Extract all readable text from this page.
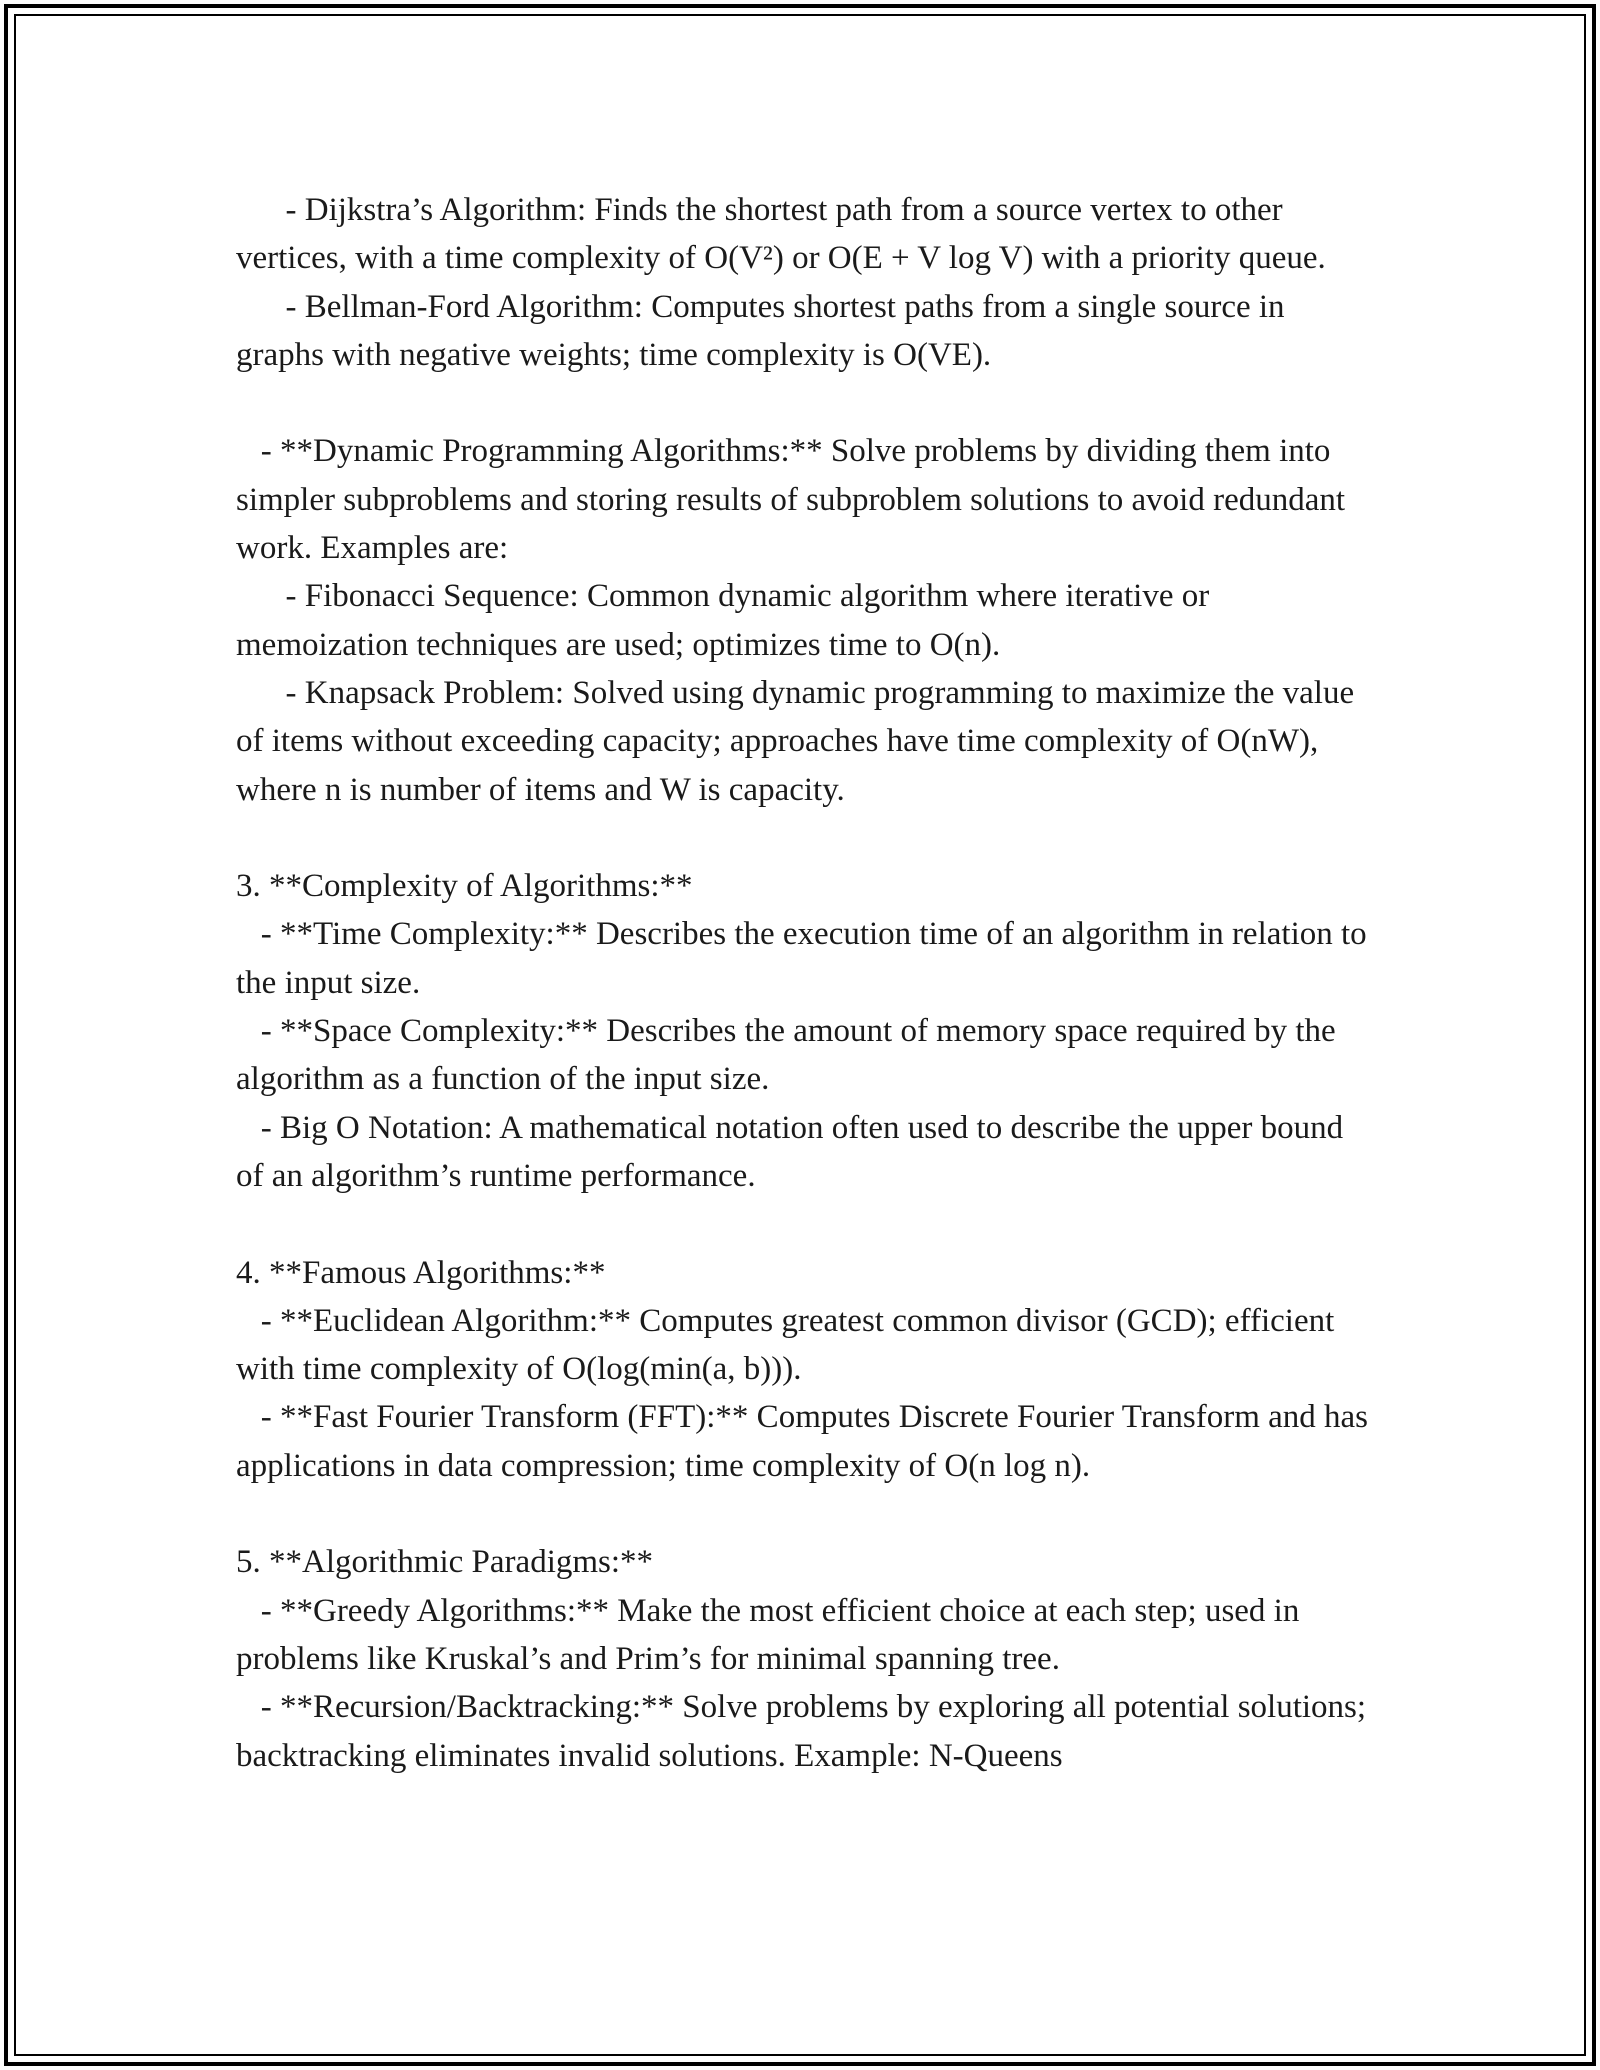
- Dijkstra’s Algorithm: Finds the shortest path from a source vertex to other vertices, with a time complexity of O(V²) or O(E + V log V) with a priority queue.

- Bellman-Ford Algorithm: Computes shortest paths from a single source in graphs with negative weights; time complexity is O(VE).

- **Dynamic Programming Algorithms:** Solve problems by dividing them into simpler subproblems and storing results of subproblem solutions to avoid redundant work. Examples are:

- Fibonacci Sequence: Common dynamic algorithm where iterative or memoization techniques are used; optimizes time to O(n).

- Knapsack Problem: Solved using dynamic programming to maximize the value of items without exceeding capacity; approaches have time complexity of O(nW), where n is number of items and W is capacity.

3. **Complexity of Algorithms:**

- **Time Complexity:** Describes the execution time of an algorithm in relation to the input size.

- **Space Complexity:** Describes the amount of memory space required by the algorithm as a function of the input size.

- Big O Notation: A mathematical notation often used to describe the upper bound of an algorithm’s runtime performance.

4. **Famous Algorithms:**

- **Euclidean Algorithm:** Computes greatest common divisor (GCD); efficient with time complexity of O(log(min(a, b))).

- **Fast Fourier Transform (FFT):** Computes Discrete Fourier Transform and has applications in data compression; time complexity of O(n log n).

5. **Algorithmic Paradigms:**

- **Greedy Algorithms:** Make the most efficient choice at each step; used in problems like Kruskal’s and Prim’s for minimal spanning tree.

- **Recursion/Backtracking:** Solve problems by exploring all potential solutions; backtracking eliminates invalid solutions. Example: N-Queens
